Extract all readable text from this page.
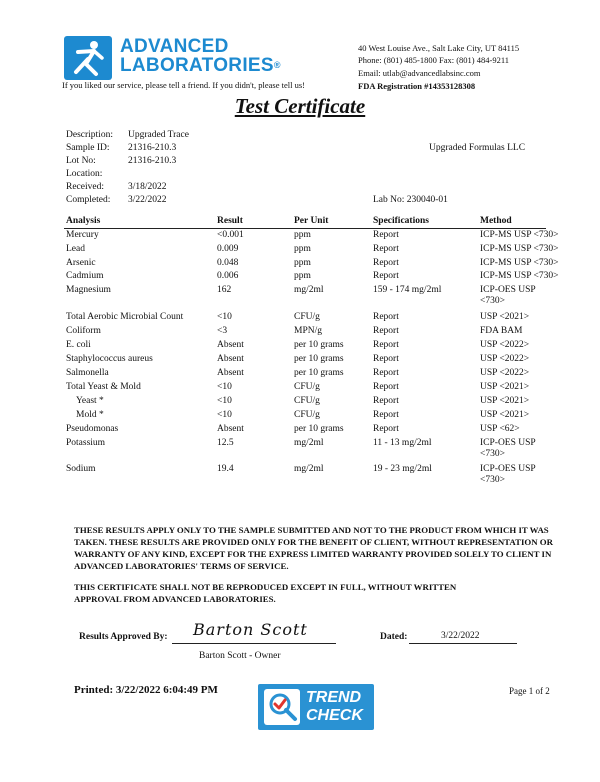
ADVANCED
LABORATORIES®
If you liked our service, please tell a friend. If you didn't, please tell us!
40 West Louise Ave., Salt Lake City, UT 84115
Phone: (801) 485-1800 Fax: (801) 484-9211
Email: utlab@advancedlabsinc.com
FDA Registration #14353128308
Test Certificate
Description: Upgraded Trace
Sample ID: 21316-210.3
Lot No:	21316-210.3
Location:
Received:	3/18/2022
Completed: 3/22/2022
Upgraded Formulas LLC
Lab No: 230040-01
Analysis	Result	Per Unit	Specifications	Method
Mercury	<0.001	ppm	Report	ICP-MS USP <730>
Lead	0.009	ppm	Report	ICP-MS USP <730>
Arsenic	0.048	ppm	Report	ICP-MS USP <730>
Cadmium	0.006	ppm	Report	ICP-MS USP <730>
Magnesium	162	mg/2ml	159 - 174 mg/2ml	ICP-OES USP <730>
Total Aerobic Microbial Count	<10	CFU/g	Report	USP <2021>
Coliform	<3	MPN/g	Report	FDA BAM
E. coli	Absent	per 10 grams	Report	USP <2022>
Staphylococcus aureus	Absent	per 10 grams	Report	USP <2022>
Salmonella	Absent	per 10 grams	Report	USP <2022>
Total Yeast & Mold	<10	CFU/g	Report	USP <2021>
Yeast *	<10	CFU/g	Report	USP <2021>
Mold *	<10	CFU/g	Report	USP <2021>
Pseudomonas	Absent	per 10 grams	Report	USP <62>
Potassium	12.5	mg/2ml	11 - 13 mg/2ml	ICP-OES USP <730>
Sodium	19.4	mg/2ml	19 - 23 mg/2ml	ICP-OES USP <730>
THESE RESULTS APPLY ONLY TO THE SAMPLE SUBMITTED AND NOT TO THE PRODUCT FROM WHICH IT WAS TAKEN. THESE RESULTS ARE PROVIDED ONLY FOR THE BENEFIT OF CLIENT, WITHOUT REPRESENTATION OR WARRANTY OF ANY KIND, EXCEPT FOR THE EXPRESS LIMITED WARRANTY PROVIDED SOLELY TO CLIENT IN ADVANCED LABORATORIES' TERMS OF SERVICE.
THIS CERTIFICATE SHALL NOT BE REPRODUCED EXCEPT IN FULL, WITHOUT WRITTEN APPROVAL FROM ADVANCED LABORATORIES.
Results Approved By: Barton Scott
Barton Scott - Owner
Dated:	3/22/2022
Printed: 3/22/2022 6:04:49 PM	TREND
CHECK
Page 1 of 2
